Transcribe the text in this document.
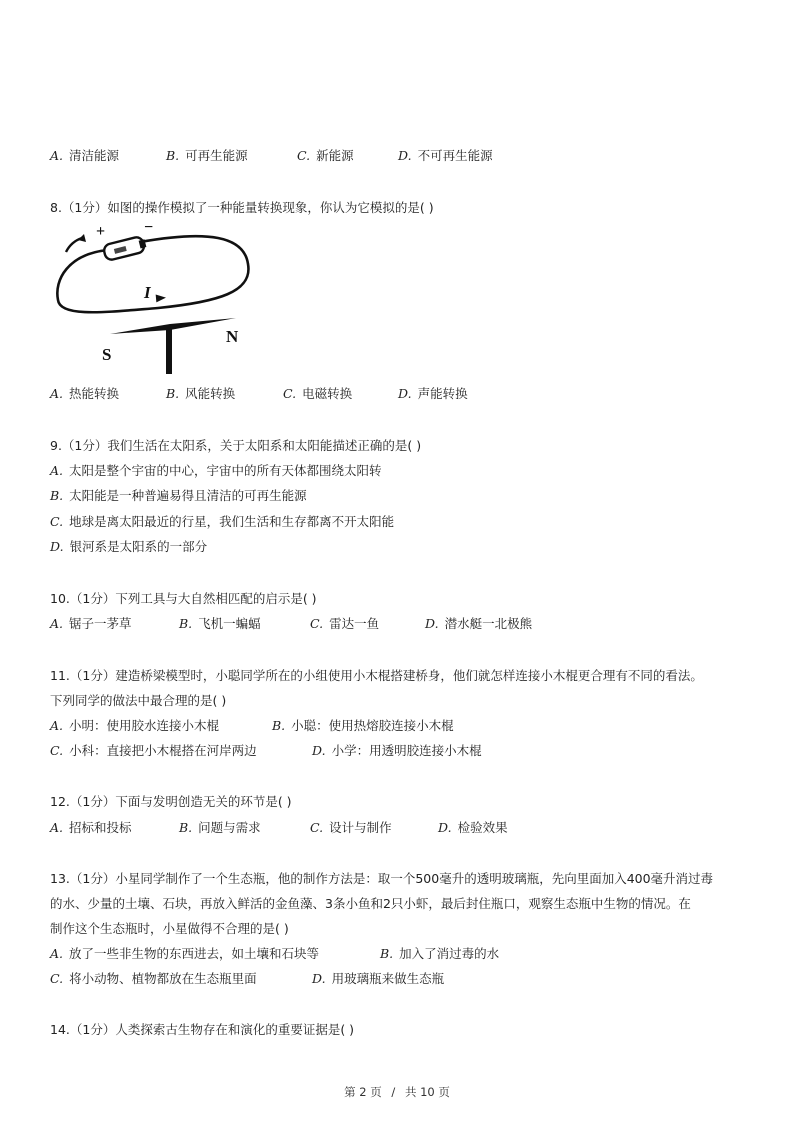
A. 清洁能源	B. 可再生能源	C. 新能源	D. 不可再生能源
8.（1分）如图的操作模拟了一种能量转换现象，你认为它模拟的是( )
+ −
I
S
N
A. 热能转换	B. 风能转换	C. 电磁转换	D. 声能转换
9.（1分）我们生活在太阳系，关于太阳系和太阳能描述正确的是( )
A. 太阳是整个宇宙的中心，宇宙中的所有天体都围绕太阳转
B. 太阳能是一种普遍易得且清洁的可再生能源
C. 地球是离太阳最近的行星，我们生活和生存都离不开太阳能
D. 银河系是太阳系的一部分
10.（1分）下列工具与大自然相匹配的启示是( )
A. 锯子一茅草	B. 飞机一蝙蝠	C. 雷达一鱼	D. 潜水艇一北极熊
11.（1分）建造桥梁模型时，小聪同学所在的小组使用小木棍搭建桥身，他们就怎样连接小木棍更合理有不同的看法。
下列同学的做法中最合理的是( )
A. 小明：使用胶水连接小木棍	B. 小聪：使用热熔胶连接小木棍
C. 小科：直接把小木棍搭在河岸两边	D. 小学：用透明胶连接小木棍
12.（1分）下面与发明创造无关的环节是( )
A. 招标和投标	B. 问题与需求	C. 设计与制作	D. 检验效果
13.（1分）小星同学制作了一个生态瓶，他的制作方法是：取一个500毫升的透明玻璃瓶，先向里面加入400毫升消过毒
的水、少量的土壤、石块，再放入鲜活的金鱼藻、3条小鱼和2只小虾，最后封住瓶口，观察生态瓶中生物的情况。在
制作这个生态瓶时，小星做得不合理的是( )
A. 放了一些非生物的东西进去，如土壤和石块等	B. 加入了消过毒的水
C. 将小动物、植物都放在生态瓶里面	D. 用玻璃瓶来做生态瓶
14.（1分）人类探索古生物存在和演化的重要证据是( )
第 2 页 / 共 10 页
